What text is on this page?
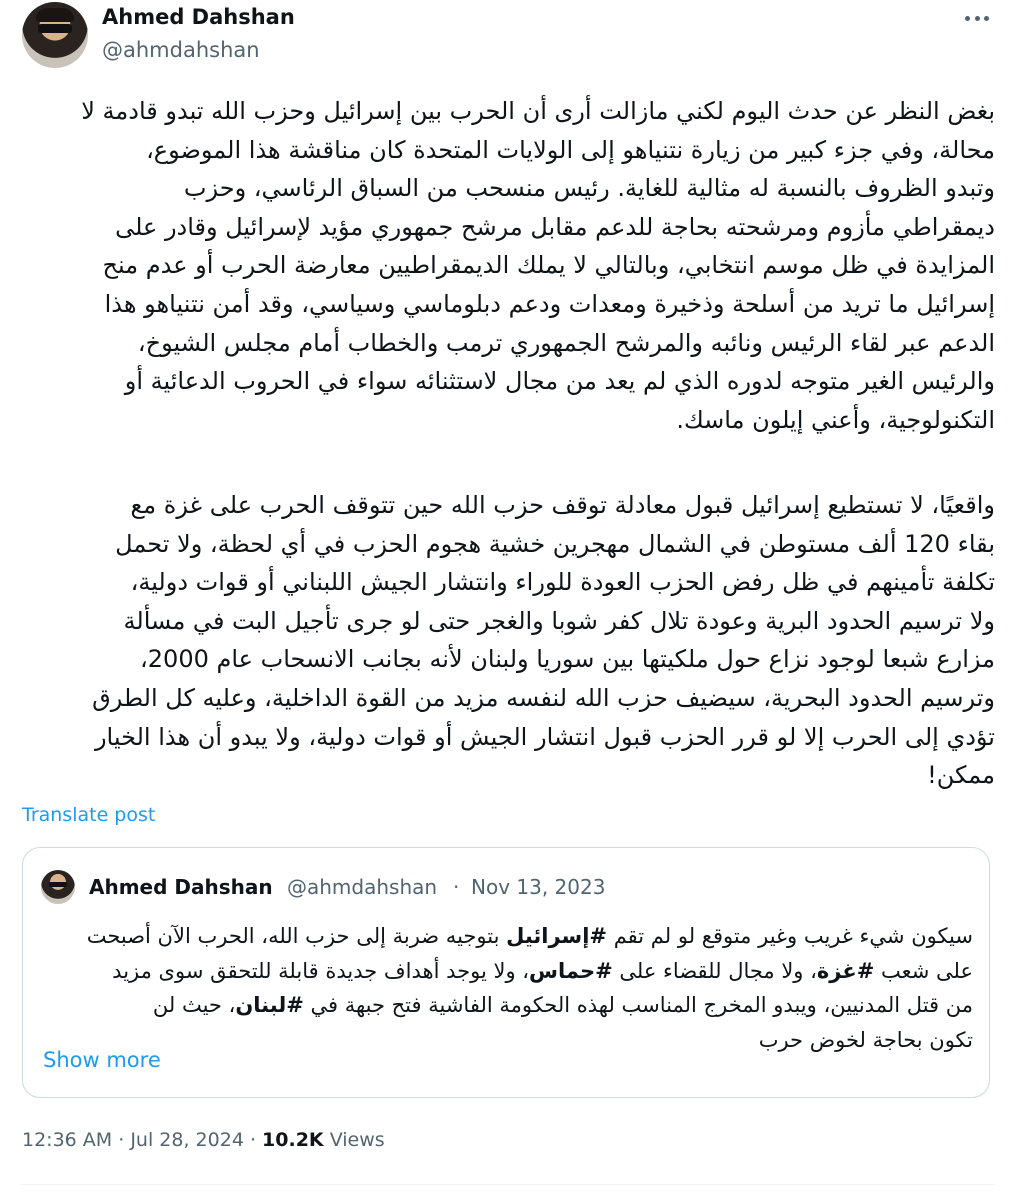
Ahmed Dahshan
@ahmdahshan
بغض النظر عن حدث اليوم لكني مازالت أرى أن الحرب بين إسرائيل وحزب الله تبدو قادمة لا
محالة، وفي جزء كبير من زيارة نتنياهو إلى الولايات المتحدة كان مناقشة هذا الموضوع،
وتبدو الظروف بالنسبة له مثالية للغاية. رئيس منسحب من السباق الرئاسي، وحزب
ديمقراطي مأزوم ومرشحته بحاجة للدعم مقابل مرشح جمهوري مؤيد لإسرائيل وقادر على
المزايدة في ظل موسم انتخابي، وبالتالي لا يملك الديمقراطيين معارضة الحرب أو عدم منح
إسرائيل ما تريد من أسلحة وذخيرة ومعدات ودعم دبلوماسي وسياسي، وقد أمن نتنياهو هذا
الدعم عبر لقاء الرئيس ونائبه والمرشح الجمهوري ترمب والخطاب أمام مجلس الشيوخ،
والرئيس الغير متوجه لدوره الذي لم يعد من مجال لاستثنائه سواء في الحروب الدعائية أو
التكنولوجية، وأعني إيلون ماسك.
واقعيًا، لا تستطيع إسرائيل قبول معادلة توقف حزب الله حين تتوقف الحرب على غزة مع
بقاء 120 ألف مستوطن في الشمال مهجرين خشية هجوم الحزب في أي لحظة، ولا تحمل
تكلفة تأمينهم في ظل رفض الحزب العودة للوراء وانتشار الجيش اللبناني أو قوات دولية،
ولا ترسيم الحدود البرية وعودة تلال كفر شوبا والغجر حتى لو جرى تأجيل البت في مسألة
مزارع شبعا لوجود نزاع حول ملكيتها بين سوريا ولبنان لأنه بجانب الانسحاب عام 2000،
وترسيم الحدود البحرية، سيضيف حزب الله لنفسه مزيد من القوة الداخلية، وعليه كل الطرق
تؤدي إلى الحرب إلا لو قرر الحزب قبول انتشار الجيش أو قوات دولية، ولا يبدو أن هذا الخيار
ممكن!
Translate post
Ahmed Dahshan @ahmdahshan · Nov 13, 2023
سيكون شيء غريب وغير متوقع لو لم تقم #إسرائيل بتوجيه ضربة إلى حزب الله، الحرب الآن أصبحت
على شعب #غزة، ولا مجال للقضاء على #حماس، ولا يوجد أهداف جديدة قابلة للتحقق سوى مزيد
من قتل المدنيين، ويبدو المخرج المناسب لهذه الحكومة الفاشية فتح جبهة في #لبنان، حيث لن
تكون بحاجة لخوض حرب
Show more
12:36 AM · Jul 28, 2024 · 10.2K Views
